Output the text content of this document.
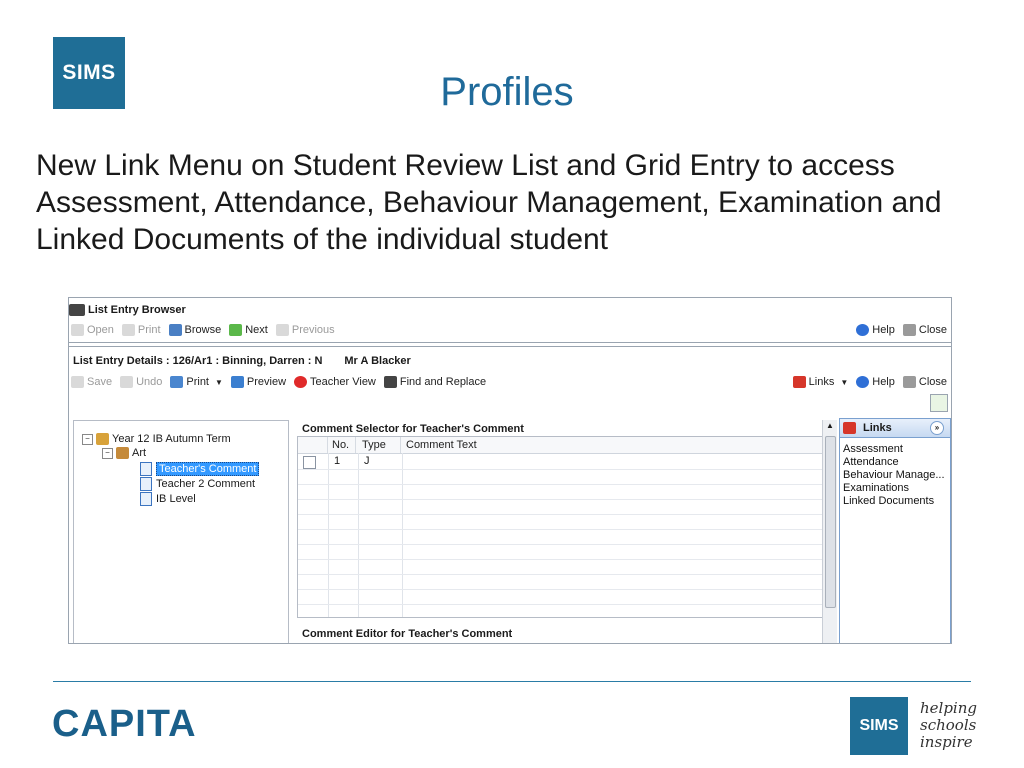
SIMS	Profiles
New Link Menu on Student Review List and Grid Entry to access Assessment, Attendance, Behaviour Management, Examination and Linked Documents of the individual student
List Entry Browser
Open Print Browse Next Previous	Help Close
List Entry Details : 126/Ar1 : Binning, Darren : N Mr A Blacker
Save Undo Print ▼ Preview Teacher View Find and Replace	Links ▼ Help Close
− Year 12 IB Autumn Term
− Art
Teacher's Comment
Teacher 2 Comment
IB Level
Comment Selector for Teacher's Comment
No.	Type	Comment Text
1 J
Comment Editor for Teacher's Comment
▲	Links	»
Assessment
Attendance
Behaviour Manage...
Examinations
Linked Documents
CAPITA	SIMS
helping
schools
inspire
